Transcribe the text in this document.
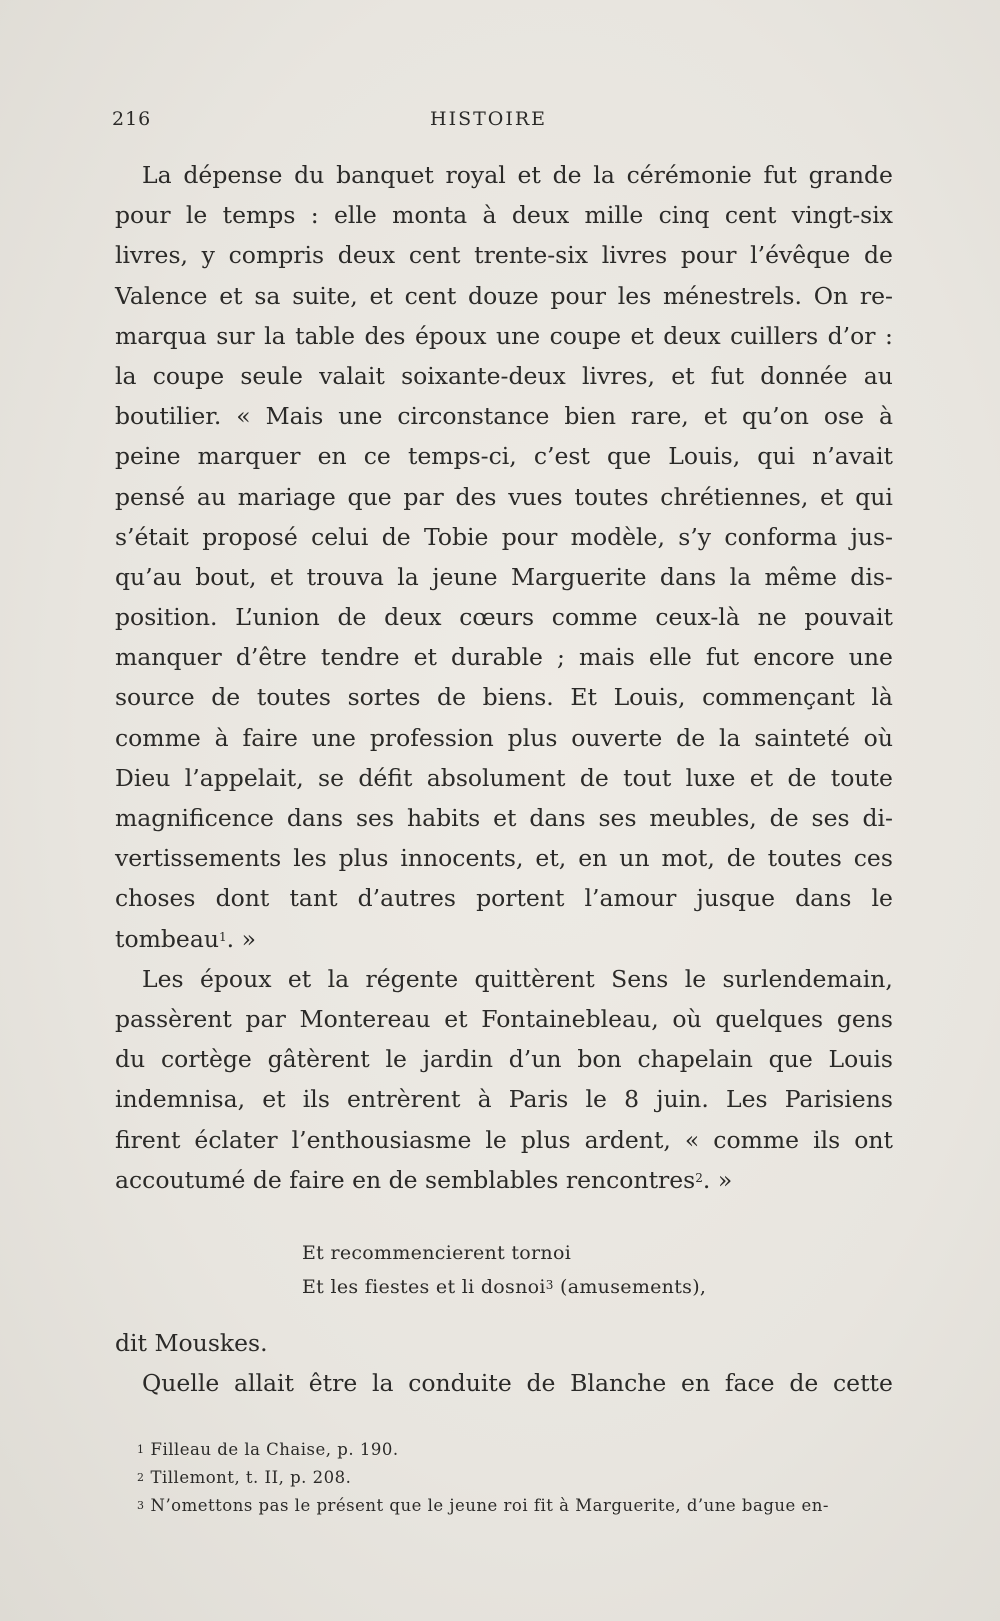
216	HISTOIRE
La dépense du banquet royal et de la cérémonie fut grande
pour le temps : elle monta à deux mille cinq cent vingt-six
livres, y compris deux cent trente-six livres pour l’évêque de
Valence et sa suite, et cent douze pour les ménestrels. On re-
marqua sur la table des époux une coupe et deux cuillers d’or :
la coupe seule valait soixante-deux livres, et fut donnée au
boutilier. « Mais une circonstance bien rare, et qu’on ose à
peine marquer en ce temps-ci, c’est que Louis, qui n’avait
pensé au mariage que par des vues toutes chrétiennes, et qui
s’était proposé celui de Tobie pour modèle, s’y conforma jus-
qu’au bout, et trouva la jeune Marguerite dans la même dis-
position. L’union de deux cœurs comme ceux-là ne pouvait
manquer d’être tendre et durable ; mais elle fut encore une
source de toutes sortes de biens. Et Louis, commençant là
comme à faire une profession plus ouverte de la sainteté où
Dieu l’appelait, se défit absolument de tout luxe et de toute
magnificence dans ses habits et dans ses meubles, de ses di-
vertissements les plus innocents, et, en un mot, de toutes ces
choses dont tant d’autres portent l’amour jusque dans le
tombeau$^1$ . »
Les époux et la régente quittèrent Sens le surlendemain,
passèrent par Montereau et Fontainebleau, où quelques gens
du cortège gâtèrent le jardin d’un bon chapelain que Louis
indemnisa, et ils entrèrent à Paris le 8 juin. Les Parisiens
firent éclater l’enthousiasme le plus ardent, « comme ils ont
accoutumé de faire en de semblables rencontres$^2$ . »
Et recommencierent tornoi
Et les fiestes et li dosnoi$^3$ (amusements),
dit Mouskes.
Quelle allait être la conduite de Blanche en face de cette
$^1$ Filleau de la Chaise, p. 190.
$^2$ Tillemont, t. II, p. 208.
$^3$ N’omettons pas le présent que le jeune roi fit à Marguerite, d’une bague en-
